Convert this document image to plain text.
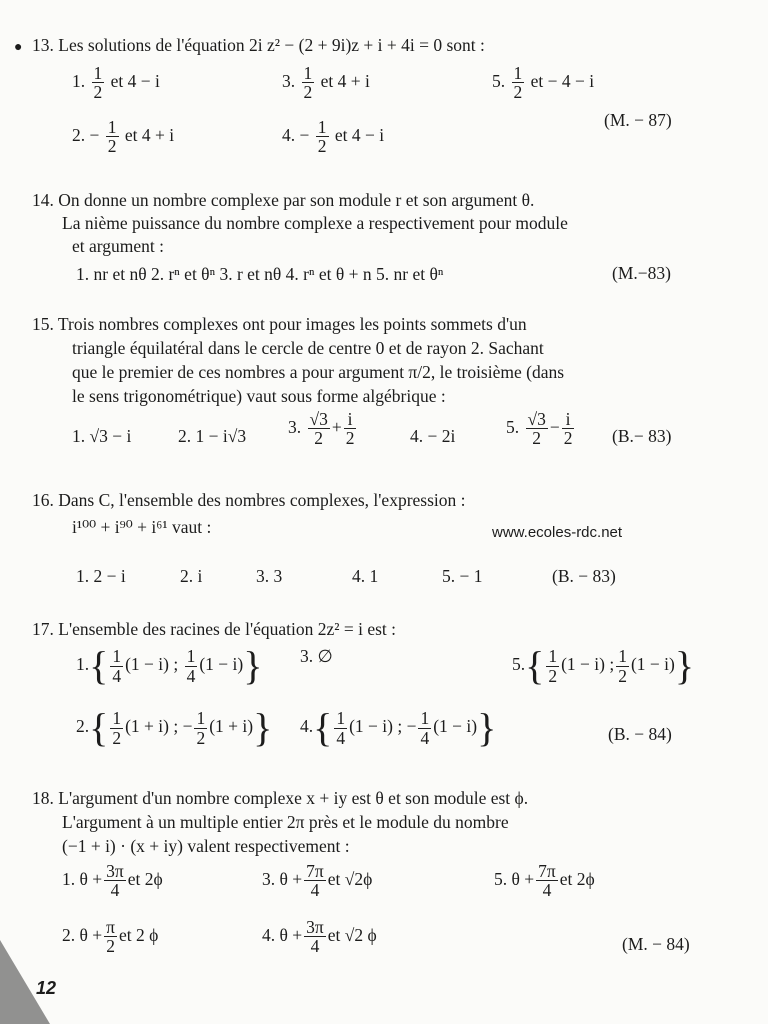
● 13. Les solutions de l'équation 2i z² − (2 + 9i)z + i + 4i = 0 sont :
1. $\frac{1}{2}$ et 4 − i	3. $\frac{1}{2}$ et 4 + i	5. $\frac{1}{2}$ et − 4 − i
2. − $\frac{1}{2}$ et 4 + i	4. − $\frac{1}{2}$ et 4 − i
(M. − 87)
14. On donne un nombre complexe par son module r et son argument θ.
La nième puissance du nombre complexe a respectivement pour module
et argument :
1. nr et nθ 2. rⁿ et θⁿ 3. r et nθ 4. rⁿ et θ + n 5. nr et θⁿ	(M.−83)
15. Trois nombres complexes ont pour images les points sommets d'un
triangle équilatéral dans le cercle de centre 0 et de rayon 2. Sachant
que le premier de ces nombres a pour argument π/2, le troisième (dans
le sens trigonométrique) vaut sous forme algébrique :
1. √3 − i	2. 1 − i√3 3. $\frac{√3}{2} + \frac{i}{2}$	4. − 2i	5. $\frac{√3}{2} - \frac{i}{2} (B.- 83)$
16. Dans C, l'ensemble des nombres complexes, l'expression :
i¹⁰⁰ + i⁹⁰ + i⁶¹ vaut :	www.ecoles-rdc.net
1. 2 − i	2. i	3. 3	4. 1	5. − 1	(B. − 83)
17. L'ensemble des racines de l'équation 2z² = i est :
$1.\{ \frac{1}{4} (1 - i)$ ; $\frac{1}{4} (1 - i)$} 3. ∅	$5.\{ \frac{1}{2} (1 - i)$ ; $\frac{1}{2} (1 - i)$}
$2.\{ \frac{1}{2} (1 + i)$ ; − $\frac{1}{2} (1 + i)$} $4.\{ \frac{1}{4} (1 - i)$ ; − $\frac{1}{4} (1 - i)$}	(B. − 84)
18. L'argument d'un nombre complexe x + iy est θ et son module est ϕ.
L'argument à un multiple entier 2π près et le module du nombre
(−1 + i) · (x + iy) valent respectivement :
1. $\theta + \frac{3\pi}{4}$ et 2ϕ	3. $\theta + \frac{7\pi}{4}$ et √2ϕ	5. $\theta + \frac{7\pi}{4}$ et 2ϕ
2. $\theta + \frac{\pi}{2}$ et 2 ϕ	4. $\theta + \frac{3\pi}{4}$ et √2 ϕ	(M. − 84)
12
